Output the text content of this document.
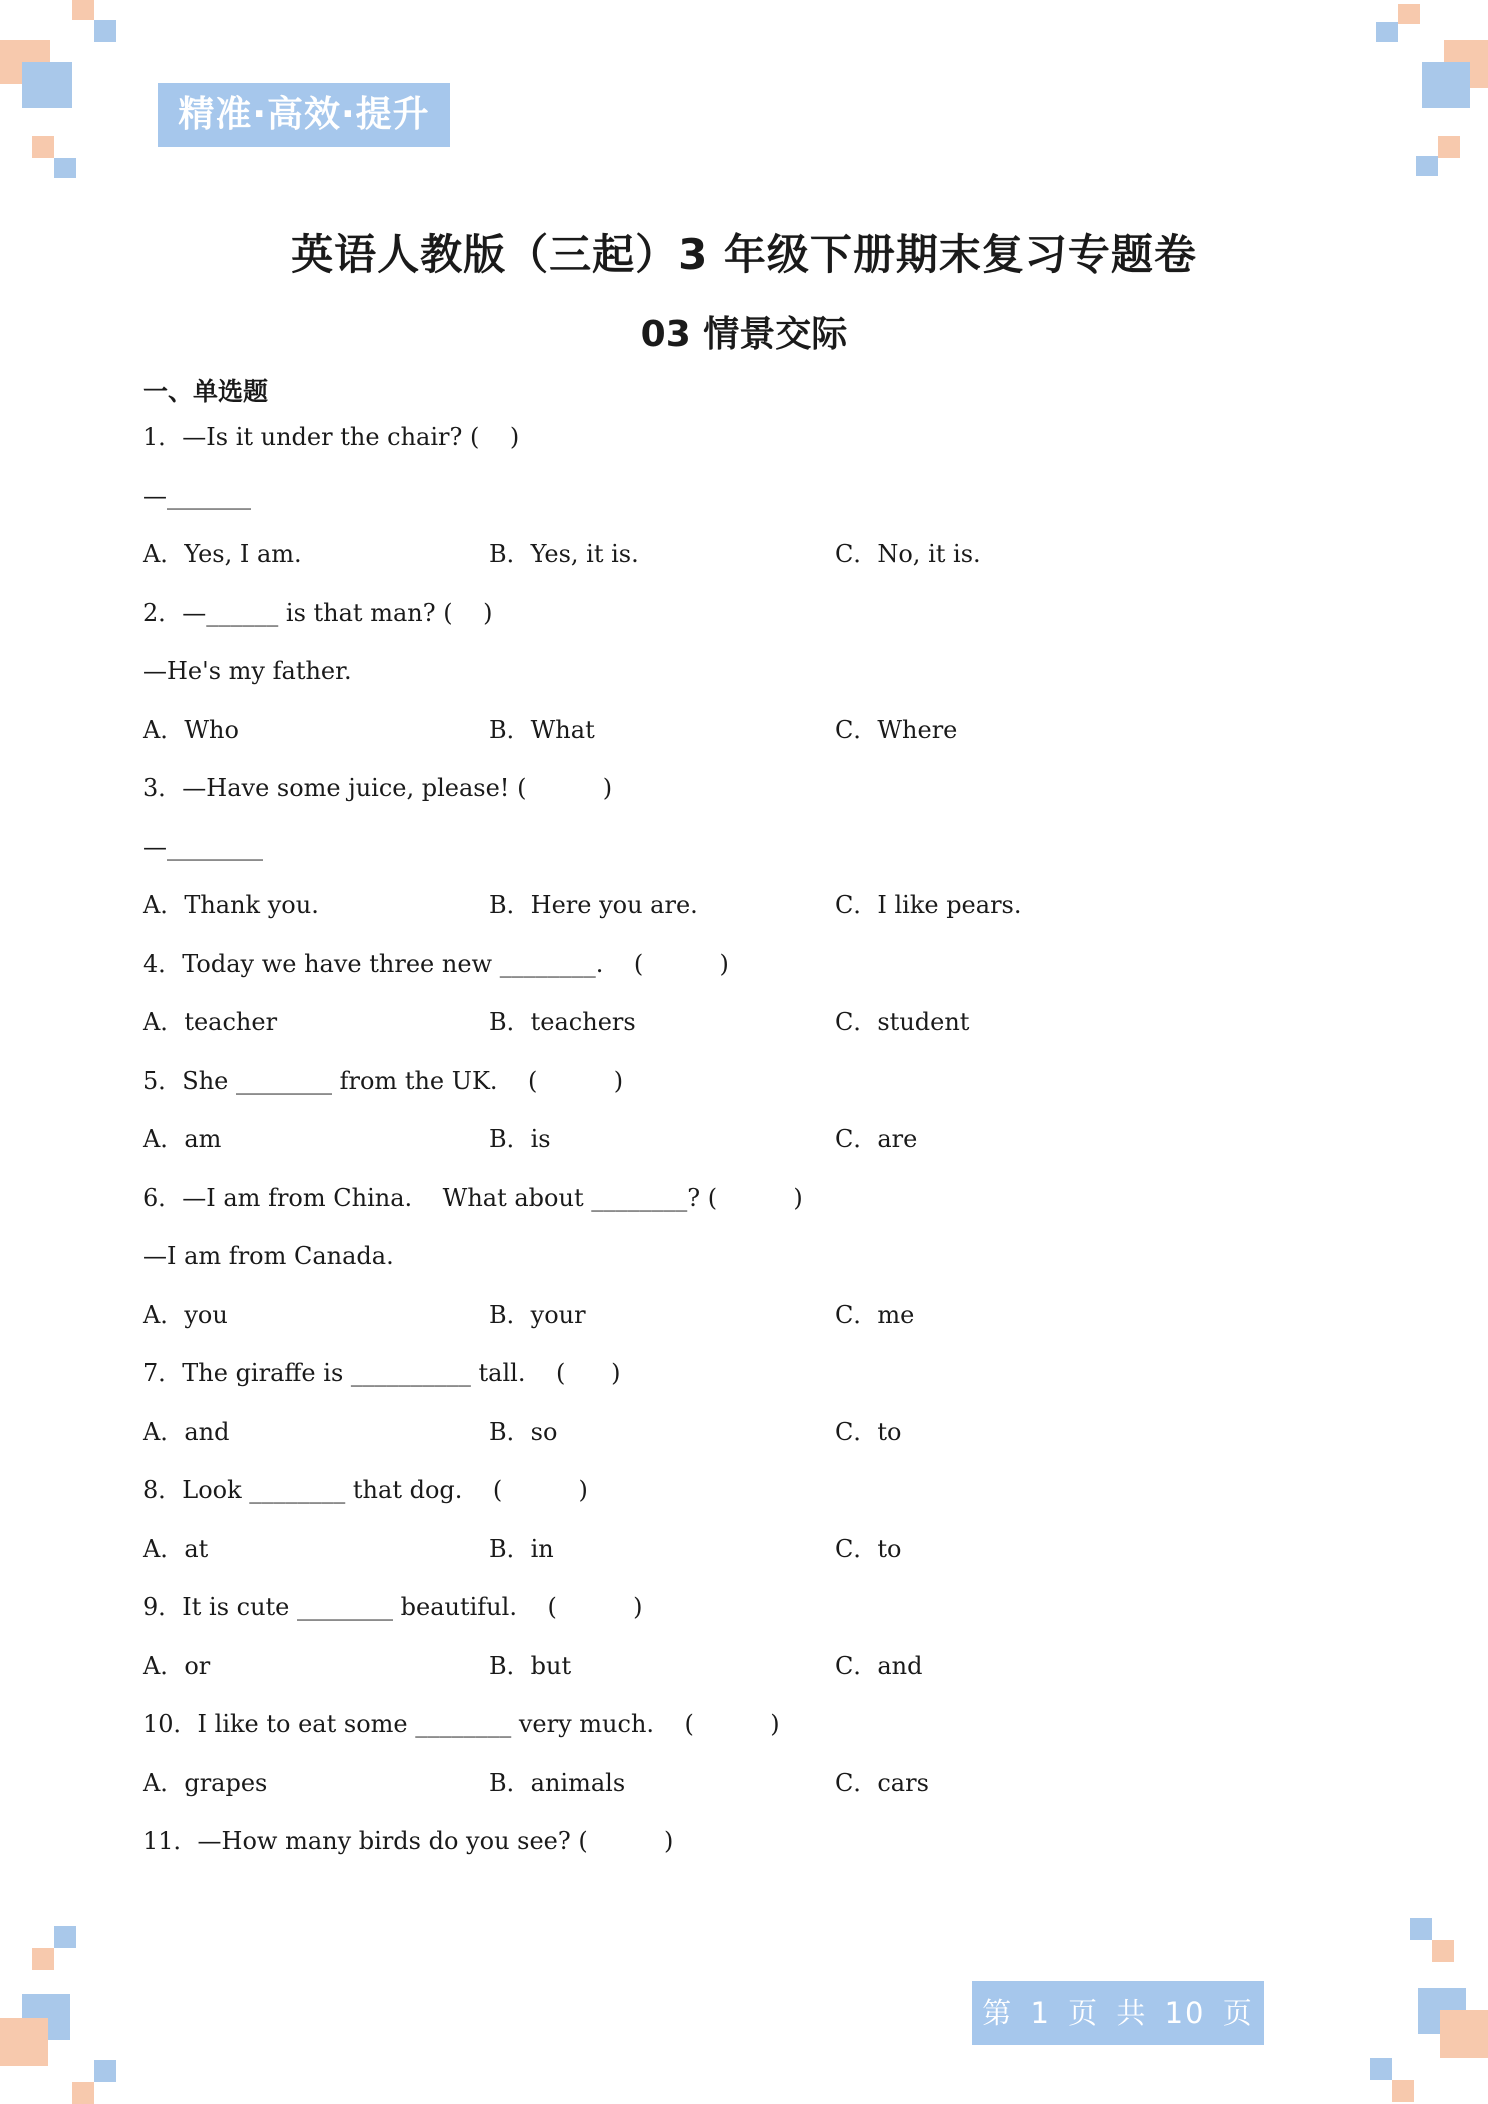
精准·高效·提升
英语人教版（三起）3 年级下册期末复习专题卷
03 情景交际
一、单选题
1．—Is it under the chair? (    )
—_______
A．Yes, I am.	B．Yes, it is.	C．No, it is.
2．—______ is that man? (    )
—He's my father.
A．Who	B．What	C．Where
3．—Have some juice, please! (          )
—________
A．Thank you.	B．Here you are.	C．I like pears.
4．Today we have three new ________.    (          )
A．teacher	B．teachers	C．student
5．She ________ from the UK.    (          )
A．am	B．is	C．are
6．—I am from China.    What about ________? (          )
—I am from Canada.
A．you	B．your	C．me
7．The giraffe is __________ tall.    (      )
A．and	B．so	C．to
8．Look ________ that dog.    (          )
A．at	B．in	C．to
9．It is cute ________ beautiful.    (          )
A．or	B．but	C．and
10．I like to eat some ________ very much.    (          )
A．grapes	B．animals	C．cars
11．—How many birds do you see? (          )
第 1 页 共 10 页
